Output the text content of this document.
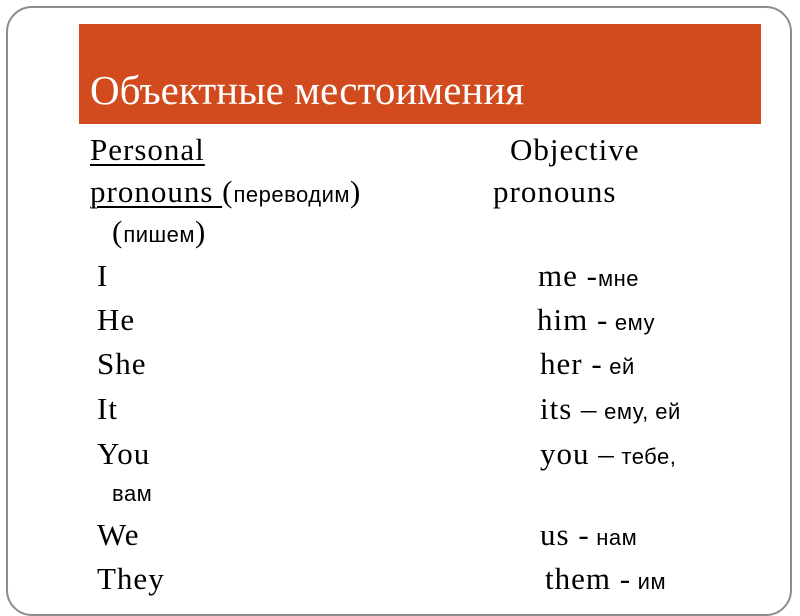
Объектные местоимения
Personal	Objective
pronouns (переводим)	pronouns
(пишем)
I	me -мне
He	him - ему
She	her - ей
It	its – ему, ей
You	you – тебе,
вам
We	us - нам
They	them - им
